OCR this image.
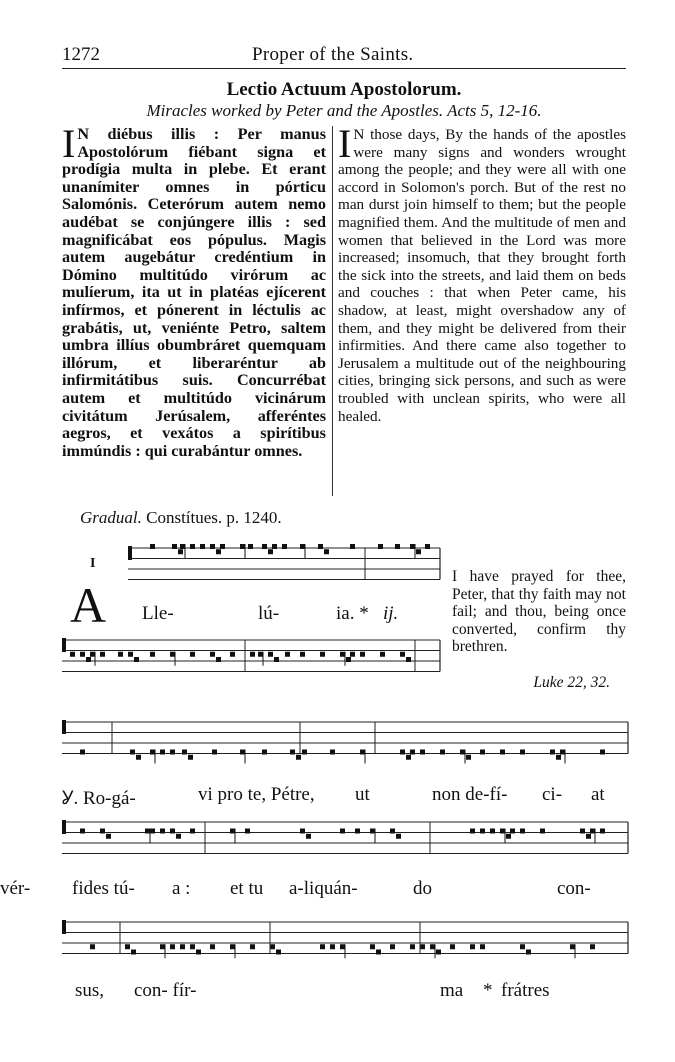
1272	Proper of the Saints.
Lectio Actuum Apostolorum.
Miracles worked by Peter and the Apostles. Acts 5, 12-16.
I N diébus illis : Per manus Apostolórum fiébant signa et prodígia multa in plebe. Et erant unanímiter omnes in pórticu Salomónis. Ceterórum autem nemo audébat se conjúngere illis : sed magnificábat eos pópulus. Magis autem augebátur credéntium in Dómino multitúdo virórum ac mulíerum, ita ut in platéas ejícerent infírmos, et pónerent in léctulis ac grabátis, ut, veniénte Petro, saltem umbra illíus obumbráret quemquam illórum, et liberaréntur ab infirmitátibus suis. Concurrébat autem et multitúdo vicinárum civitátum Jerúsalem, afferéntes aegros, et vexátos a spirítibus immúndis : qui curabántur omnes.
I N those days, By the hands of the apostles were many signs and wonders wrought among the people; and they were all with one accord in Solomon's porch. But of the rest no man durst join himself to them; but the people magnified them. And the multitude of men and women that believed in the Lord was more increased; insomuch, that they brought forth the sick into the streets, and laid them on beds and couches : that when Peter came, his shadow, at least, might overshadow any of them, and they might be delivered from their infirmities. And there came also together to Jerusalem a multitude out of the neighbouring cities, bringing sick persons, and such as were troubled with unclean spirits, who were all healed.
Gradual. Constítues. p. 1240.
I
A
I have prayed for thee, Peter, that thy faith may not fail; and thou, being once converted, confirm thy brethren.
Luke 22, 32.
Lle-	lú-	ia. * ij.
Ỿ. Ro-gá-	vi pro te, Pétre, ut	non de-fí- ci- at
fides tú- a : et tu a-liquán-	do	con-
vér-
sus, con- fír-	ma * frátres
